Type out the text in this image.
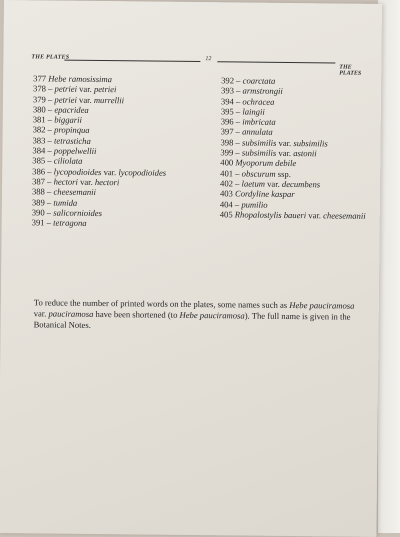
THE PLATES	12
THE PLATES
377 Hebe ramosissima
378 – petriei var. petriei
379 – petriei var. murrellii
380 – epacridea
381 – biggarii
382 – propinqua
383 – tetrasticha
384 – poppelwellii
385 – ciliolata
386 – lycopodioides var. lycopodioides
387 – hectori var. hectori
388 – cheesemanii
389 – tumida
390 – salicornioides
391 – tetragona
392 – coarctata
393 – armstrongii
394 – ochracea
395 – laingii
396 – imbricata
397 – annulata
398 – subsimilis var. subsimilis
399 – subsimilis var. astonii
400 Myoporum debile
401 – obscurum ssp.
402 – laetum var. decumbens
403 Cordyline kaspar
404 – pumilio
405 Rhopalostylis baueri var. cheesemanii
To reduce the number of printed words on the plates, some names such as Hebe pauciramosa var. pauciramosa have been shortened (to Hebe pauciramosa). The full name is given in the Botanical Notes.
